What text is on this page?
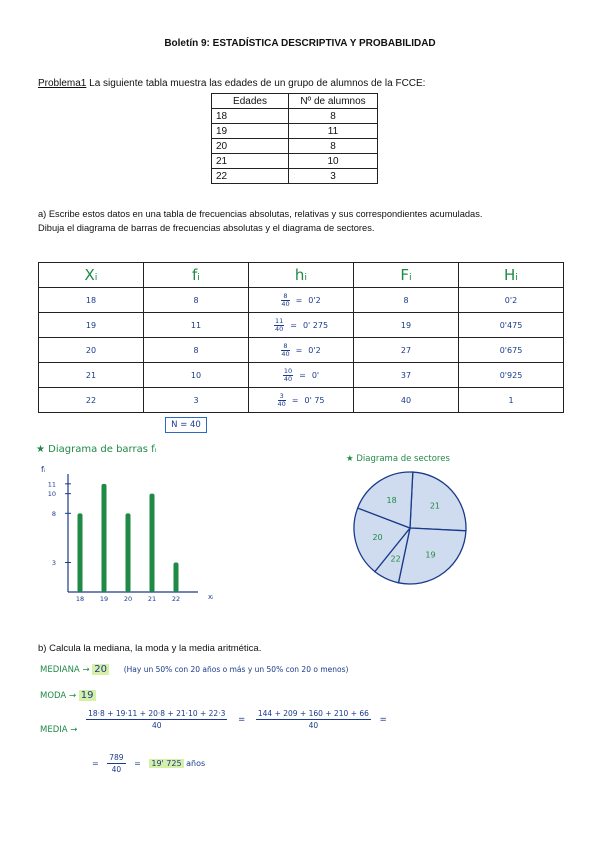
Boletín 9: ESTADÍSTICA DESCRIPTIVA Y PROBABILIDAD
Problema1 La siguiente tabla muestra las edades de un grupo de alumnos de la FCCE:
Edades	Nº de alumnos
18	8
19	11
20	8
21	10
22	3
a) Escribe estos datos en una tabla de frecuencias absolutas, relativas y sus correspondientes acumuladas.
Dibuja el diagrama de barras de frecuencias absolutas y el diagrama de sectores.
Xᵢ	fᵢ	hᵢ	Fᵢ	Hᵢ
18	8	$\frac{8}{40} = 0'2$	8	0'2
19	11	$\frac{11}{40} = 0'$ 275	19	0'475
20	8	$\frac{8}{40} = 0'2$	27	0'675
21	10	$\frac{10}{40} = 0'$	37	0'925
22	3	$\frac{3}{40} = 0'$ 75	40	1
N = 40
★ Diagrama de barras fᵢ
★ Diagrama de sectores
fᵢ
xᵢ
3
8
10
11
18 19 20 21 22
21
19
22
20
18
b) Calcula la mediana, la moda y la media aritmética.
MEDIANA → 20 (Hay un 50% con 20 años o más y un 50% con 20 o menos)
MODA → 19
MEDIA → $\frac{18\cdot 8 + 19\cdot 11 + 20\cdot 8 + 21\cdot 10 + 22\cdot 3}{40} = \frac{144 + 209 + 160 + 210 + 66}{40}$ =
= $\frac{789}{40} = 19'$ 725 años
